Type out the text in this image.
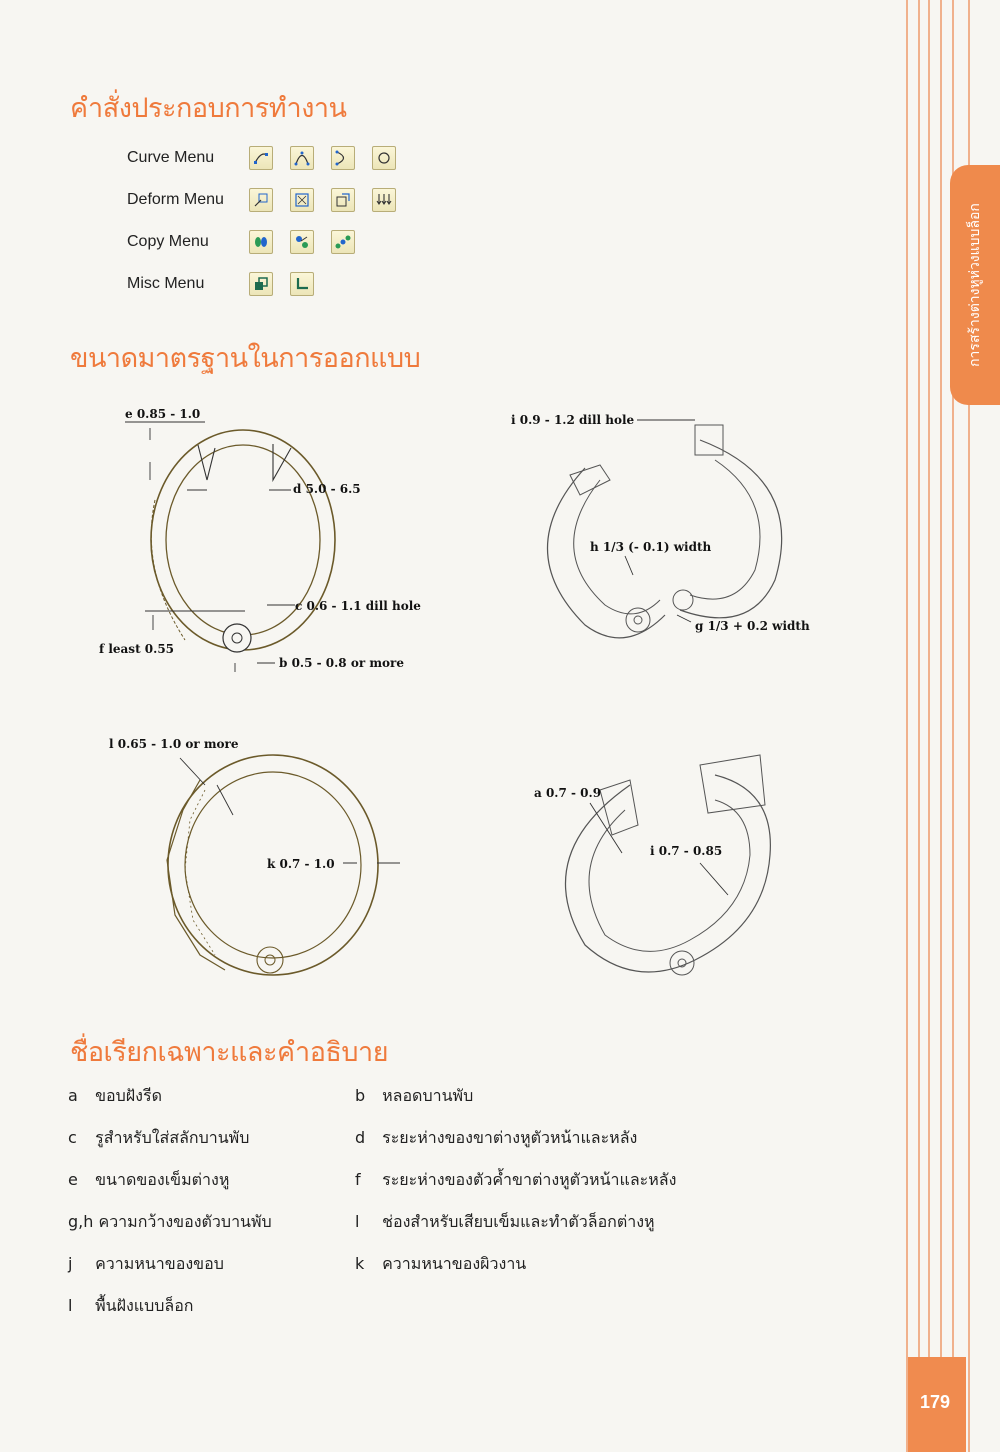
การสร้างต่างหูห่วงแบบล็อก
คำสั่งประกอบการทำงาน
Curve Menu
Deform Menu
Copy Menu
Misc Menu
ขนาดมาตรฐานในการออกแบบ
e 0.85 - 1.0
d 5.0 - 6.5
c 0.6 - 1.1 dill hole
f least 0.55
b 0.5 - 0.8 or more
i 0.9 - 1.2 dill hole
h 1/3 (- 0.1) width
g 1/3 + 0.2 width
l 0.65 - 1.0 or more
k 0.7 - 1.0
a 0.7 - 0.9
i 0.7 - 0.85
ชื่อเรียกเฉพาะและคำอธิบาย
a ขอบฝังรีด
c รูสำหรับใส่สลักบานพับ
e ขนาดของเข็มต่างหู
g,h ความกว้างของตัวบานพับ
j ความหนาของขอบ
l พื้นฝังแบบล็อก
b หลอดบานพับ
d ระยะห่างของขาต่างหูตัวหน้าและหลัง
f ระยะห่างของตัวค้ำขาต่างหูตัวหน้าและหลัง
l ช่องสำหรับเสียบเข็มและทำตัวล็อกต่างหู
k ความหนาของผิวงาน
179
